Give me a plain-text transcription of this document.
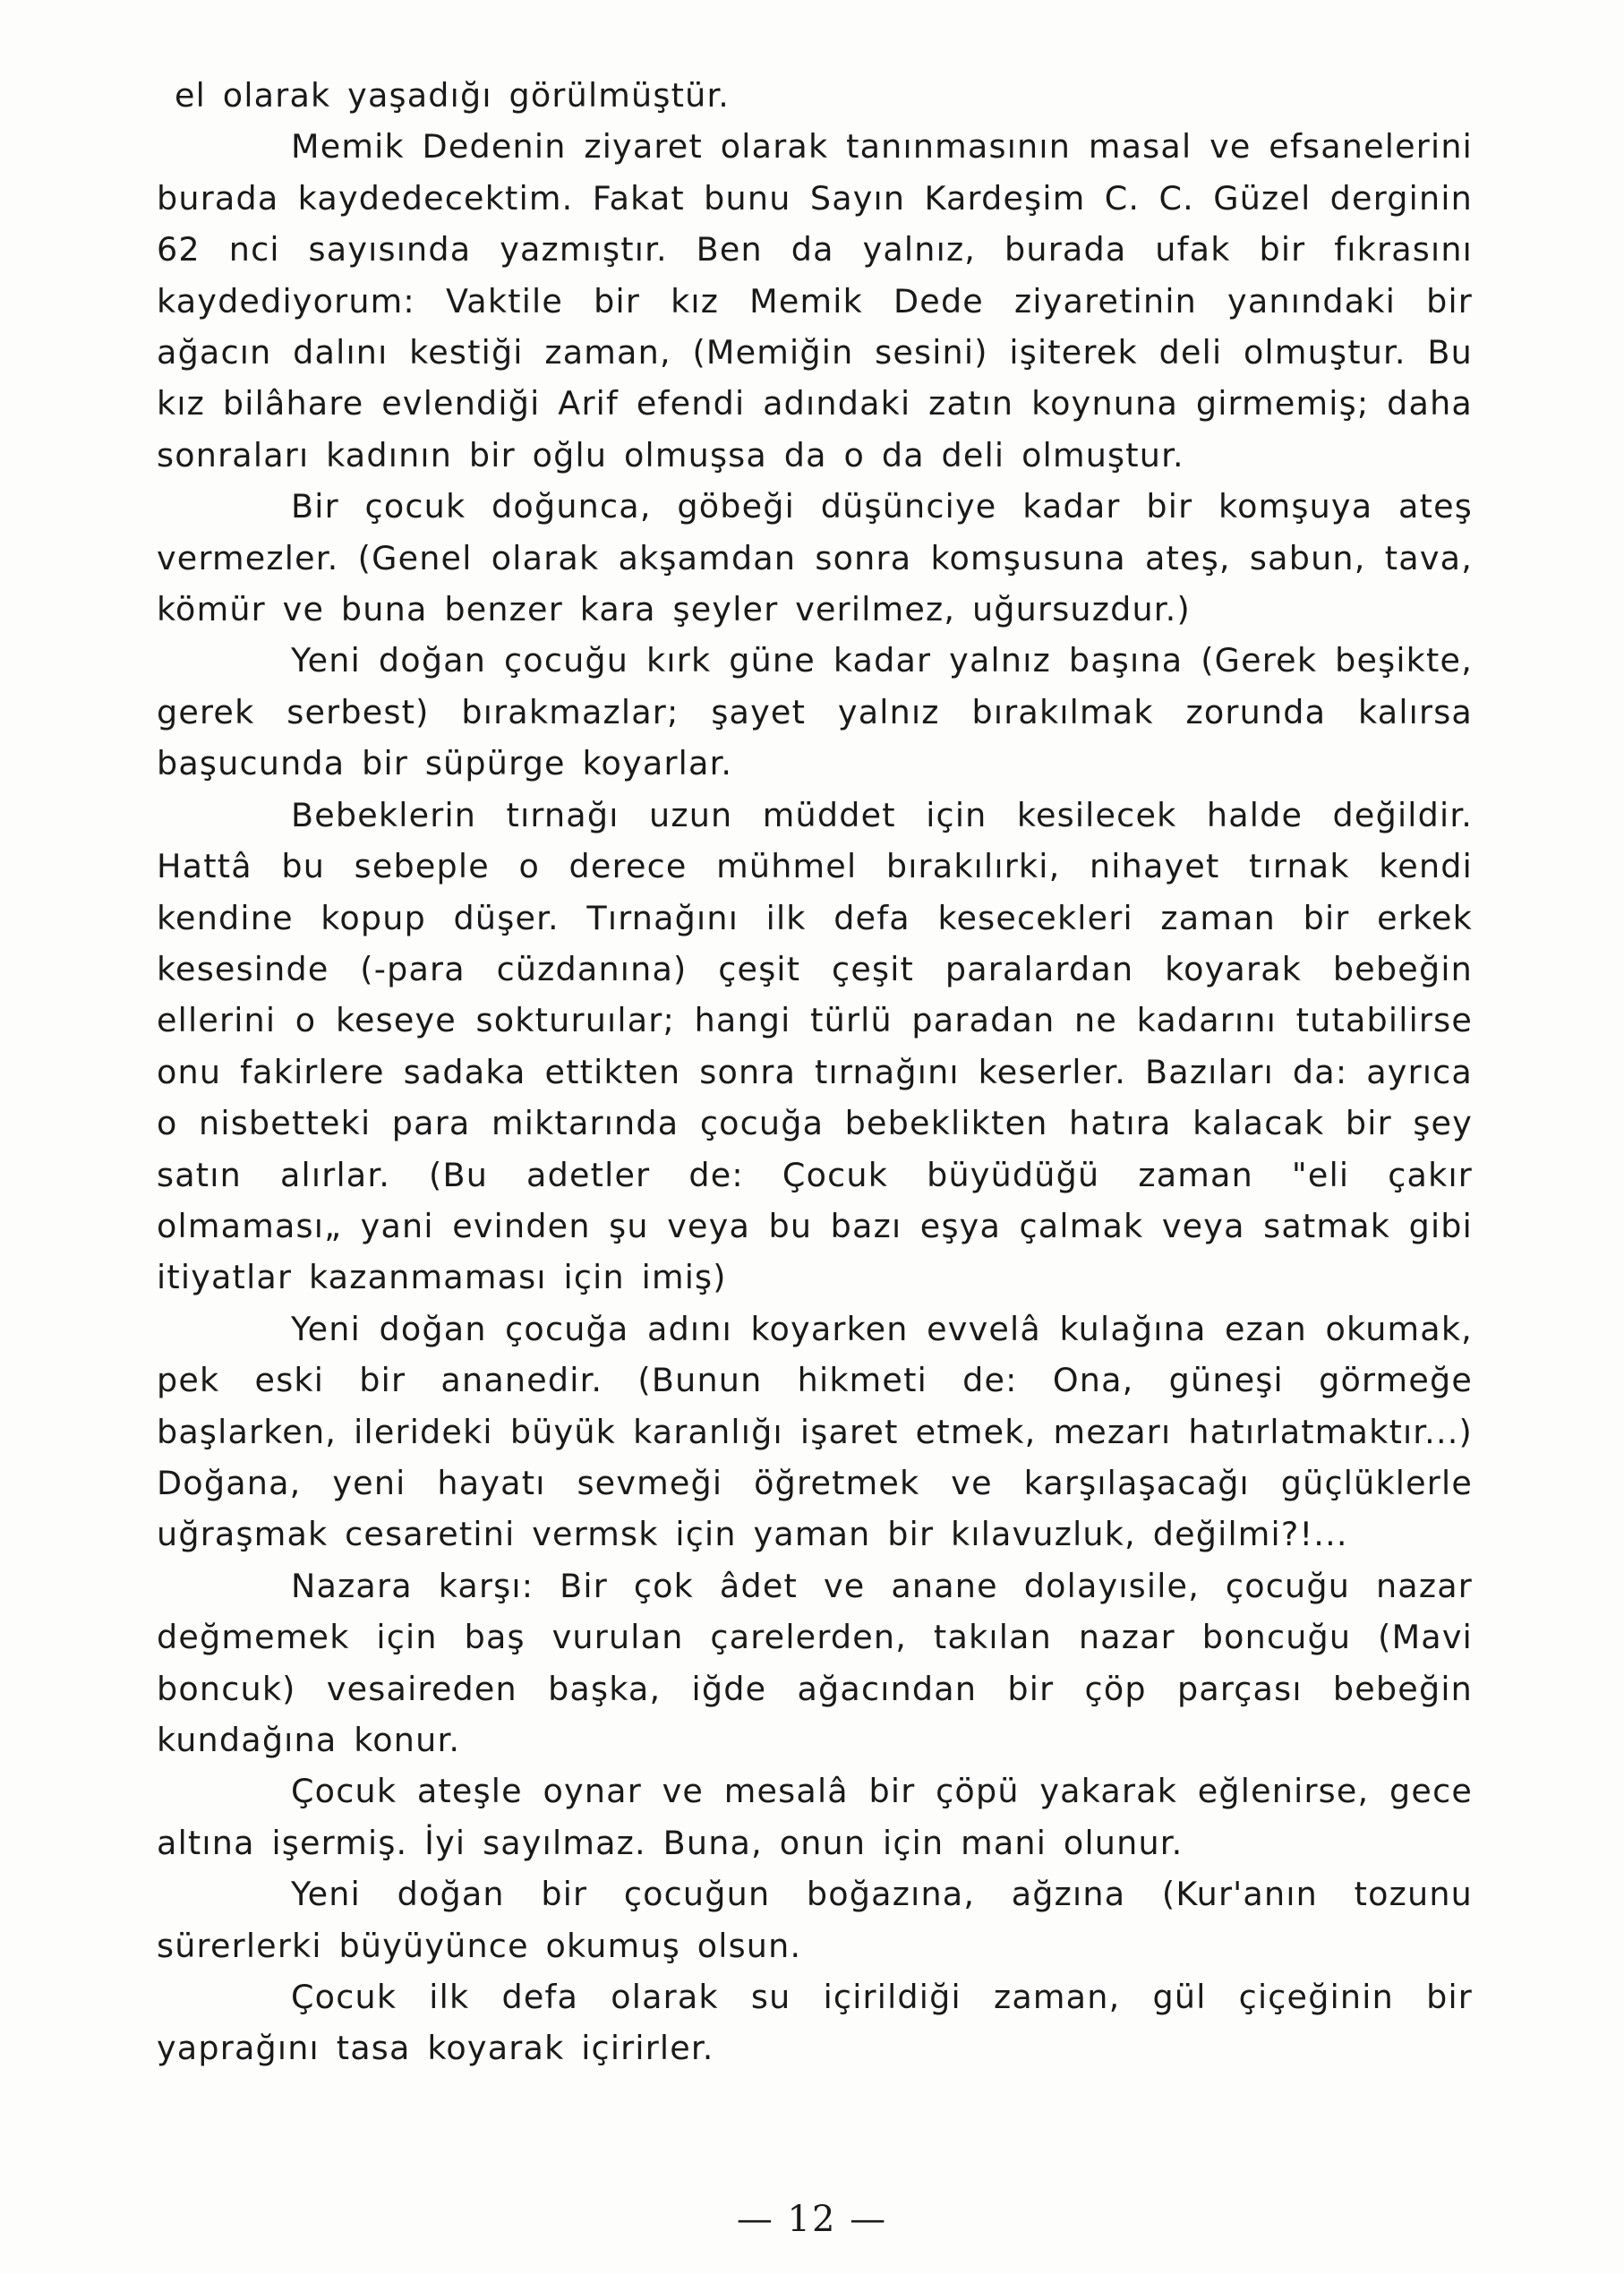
el olarak yaşadığı görülmüştür.

Memik Dedenin ziyaret olarak tanınmasının masal ve efsanelerini burada kaydedecektim. Fakat bunu Sayın Kardeşim C. C. Güzel derginin 62 nci sayısında yazmıştır. Ben da yalnız, burada ufak bir fıkrasını kaydediyorum: Vaktile bir kız Memik Dede ziyaretinin yanındaki bir ağacın dalını kestiği zaman, (Memiğin sesini) işiterek deli olmuştur. Bu kız bilâhare evlendiği Arif efendi adındaki zatın koynuna girmemiş; daha sonraları kadının bir oğlu olmuşsa da o da deli olmuştur.

Bir çocuk doğunca, göbeği düşünciye kadar bir komşuya ateş vermezler. (Genel olarak akşamdan sonra komşusuna ateş, sabun, tava, kömür ve buna benzer kara şeyler verilmez, uğursuzdur.)

Yeni doğan çocuğu kırk güne kadar yalnız başına (Gerek beşikte, gerek serbest) bırakmazlar; şayet yalnız bırakılmak zorunda kalırsa başucunda bir süpürge koyarlar.

Bebeklerin tırnağı uzun müddet için kesilecek halde değildir. Hattâ bu sebeple o derece mühmel bırakılırki, nihayet tırnak kendi kendine kopup düşer. Tırnağını ilk defa kesecekleri zaman bir erkek kesesinde (-para cüzdanına) çeşit çeşit paralardan koyarak bebeğin ellerini o keseye sokturuılar; hangi türlü paradan ne kadarını tutabilirse onu fakirlere sadaka ettikten sonra tırnağını keserler. Bazıları da: ayrıca o nisbetteki para miktarında çocuğa bebeklikten hatıra kalacak bir şey satın alırlar. (Bu adetler de: Çocuk büyüdüğü zaman "eli çakır olmaması„ yani evinden şu veya bu bazı eşya çalmak veya satmak gibi itiyatlar kazanmaması için imiş)

Yeni doğan çocuğa adını koyarken evvelâ kulağına ezan okumak, pek eski bir ananedir. (Bunun hikmeti de: Ona, güneşi görmeğe başlarken, ilerideki büyük karanlığı işaret etmek, mezarı hatırlatmaktır...) Doğana, yeni hayatı sevmeği öğretmek ve karşılaşacağı güçlüklerle uğraşmak cesaretini vermsk için yaman bir kılavuzluk, değilmi?!...

Nazara karşı: Bir çok âdet ve anane dolayısile, çocuğu nazar değmemek için baş vurulan çarelerden, takılan nazar boncuğu (Mavi boncuk) vesaireden başka, iğde ağacından bir çöp parçası bebeğin kundağına konur.

Çocuk ateşle oynar ve mesalâ bir çöpü yakarak eğlenirse, gece altına işermiş. İyi sayılmaz. Buna, onun için mani olunur.

Yeni doğan bir çocuğun boğazına, ağzına (Kur'anın tozunu sürerlerki büyüyünce okumuş olsun.

Çocuk ilk defa olarak su içirildiği zaman, gül çiçeğinin bir yaprağını tasa koyarak içirirler.

— 12 —
